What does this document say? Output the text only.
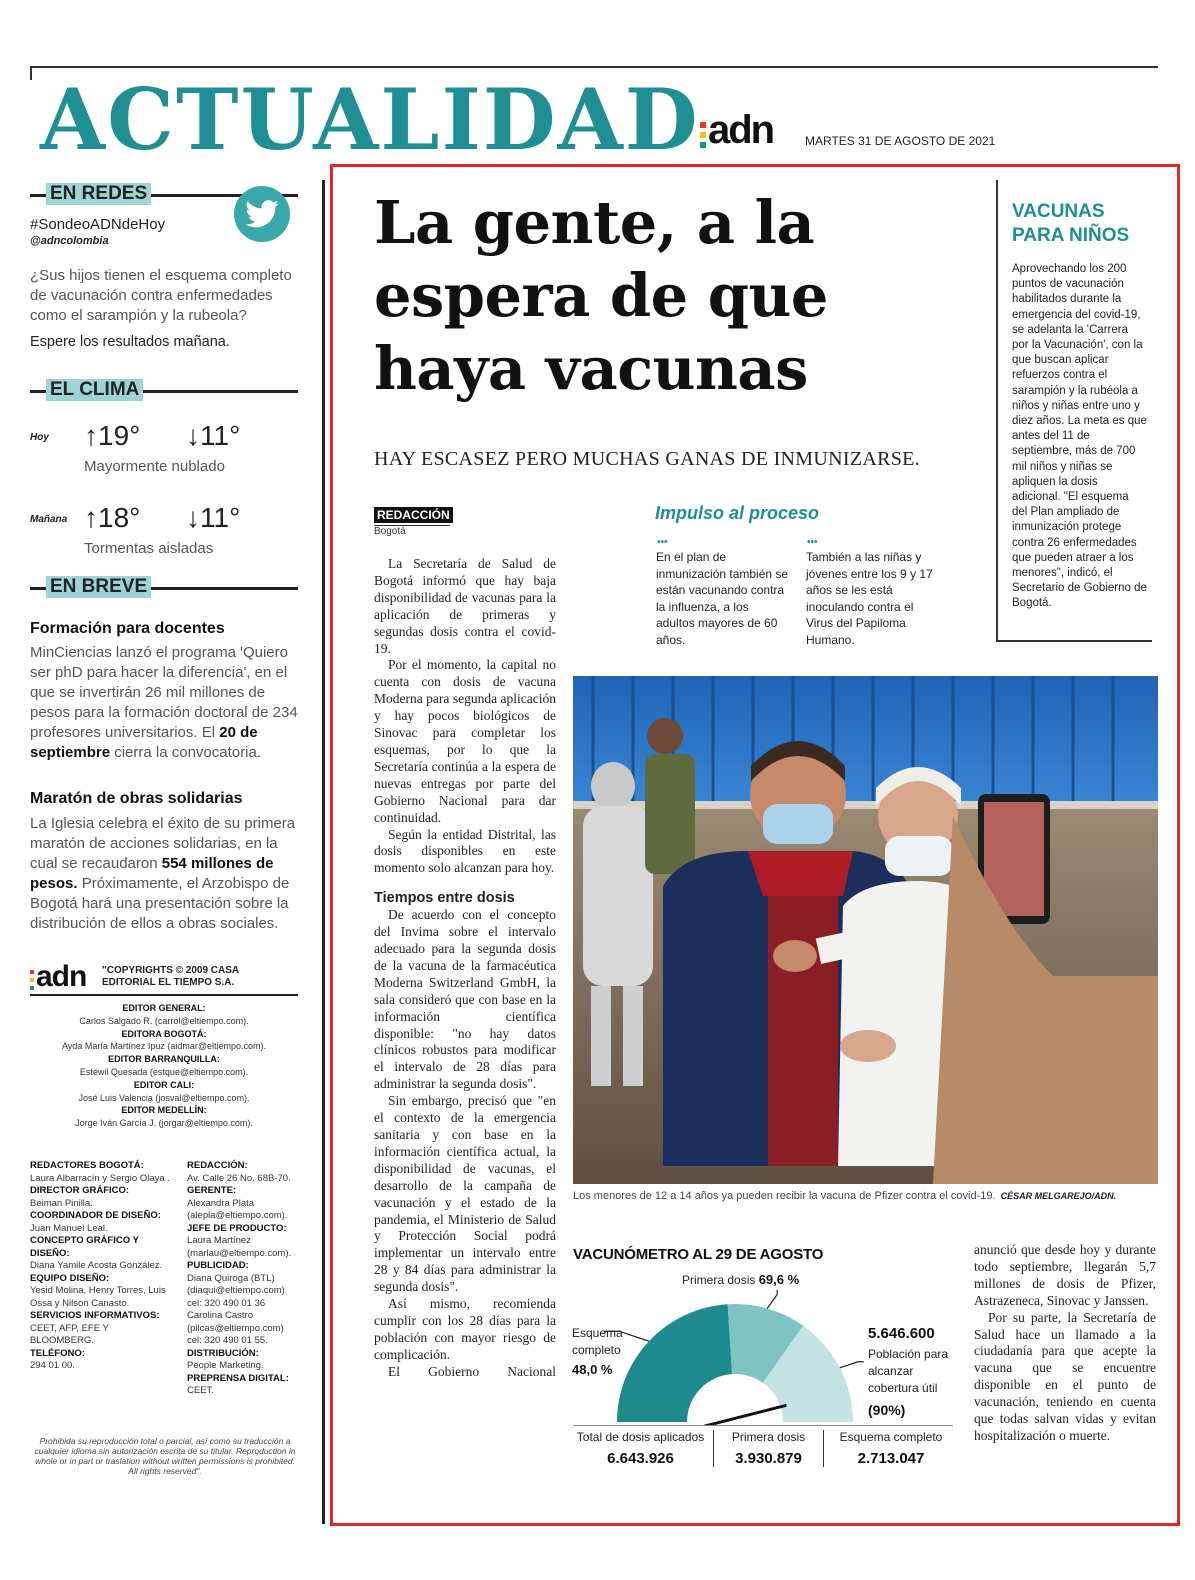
ACTUALIDAD adn	MARTES 31 DE AGOSTO DE 2021
EN REDES
#SondeoADNdeHoy
@adncolombia
¿Sus hijos tienen el esquema completo de vacunación contra enfermedades como el sarampión y la rubeola?
Espere los resultados mañana.
EL CLIMA
Hoy ↑19° ↓11°
Mayormente nublado
Mañana ↑18° ↓11°
Tormentas aisladas
EN BREVE
Formación para docentes
MinCiencias lanzó el programa 'Quiero ser phD para hacer la diferencia', en el que se invertirán 26 mil millones de pesos para la formación doctoral de 234 profesores universitarios. El 20 de septiembre cierra la convocatoria.
Maratón de obras solidarias
La Iglesia celebra el éxito de su primera maratón de acciones solidarias, en la cual se recaudaron 554 millones de pesos. Próximamente, el Arzobispo de Bogotá hará una presentación sobre la distribución de ellos a obras sociales.
adn "COPYRIGHTS © 2009 CASA EDITORIAL EL TIEMPO S.A.
EDITOR GENERAL:
Carlos Salgado R. (carrol@eltiempo.com).
EDITORA BOGOTÁ:
Ayda María Martínez Ipuz (aidmar@eltiempo.com).
EDITOR BARRANQUILLA:
Estéwil Quesada (estque@eltiempo.com).
EDITOR CALI:
José Luis Valencia (josval@eltiempo.com).
EDITOR MEDELLÍN:
Jorge Iván García J. (jorgar@eltiempo.com).
REDACTORES BOGOTÁ:
Laura Albarracín y Sergio Olaya .
DIRECTOR GRÁFICO:
Beiman Pinilla.
COORDINADOR DE DISEÑO:
Juan Manuel Leal.
CONCEPTO GRÁFICO Y DISEÑO:
Diana Yamile Acosta González.
EQUIPO DISEÑO:
Yesid Molina, Henry Torres, Luis Ossa y Nilson Canasto.
SERVICIOS INFORMATIVOS:
CEET, AFP, EFE Y BLOOMBERG.
TELÉFONO:
294 01 00.
REDACCIÓN:
Av. Calle 26 No. 68B-70.
GERENTE:
Alexandra Plata (alepla@eltiempo.com).
JEFE DE PRODUCTO:
Laura Martínez (marlau@eltiempo.com).
PUBLICIDAD:
Diana Quiroga (BTL) (diaqui@eltiempo.com) cel: 320 490 01 36 Carolina Castro (pilcas@eltiempo.com) cel: 320 490 01 55.
DISTRIBUCIÓN:
People Marketing.
PREPRENSA DIGITAL:
CEET.
Prohibida su reproducción total o parcial, así como su traducción a cualquier idioma sin autorización escrita de su titular. Reproduction in whole or in part or traslation without written permissions is prohibited. All rights reserved".
La gente, a la espera de que haya vacunas
HAY ESCASEZ PERO MUCHAS GANAS DE INMUNIZARSE.
REDACCIÓN
Bogotá

La Secretaría de Salud de Bogotá informó que hay baja disponibilidad de vacunas para la aplicación de primeras y segundas dosis contra el covid-19.

Por el momento, la capital no cuenta con dosis de vacuna Moderna para segunda aplicación y hay pocos biológicos de Sinovac para completar los esquemas, por lo que la Secretaría continúa a la espera de nuevas entregas por parte del Gobierno Nacional para dar continuidad.

Según la entidad Distrital, las dosis disponibles en este momento solo alcanzan para hoy.

Tiempos entre dosis

De acuerdo con el concepto del Invima sobre el intervalo adecuado para la segunda dosis de la vacuna de la farmacéutica Moderna Switzerland GmbH, la sala consideró que con base en la información científica disponible: "no hay datos clínicos robustos para modificar el intervalo de 28 días para administrar la segunda dosis".

Sin embargo, precisó que "en el contexto de la emergencia sanitaria y con base en la información científica actual, la disponibilidad de vacunas, el desarrollo de la campaña de vacunación y el estado de la pandemia, el Ministerio de Salud y Protección Social podrá implementar un intervalo entre 28 y 84 días para administrar la segunda dosis".

Así mismo, recomienda cumplir con los 28 días para la población con mayor riesgo de complicación.

El Gobierno Nacional

Impulso al proceso
•••	•••
En el plan de inmunización también se están vacunando contra la influenza, a los adultos mayores de 60 años.
También a las niñas y jóvenes entre los 9 y 17 años se les está inoculando contra el Virus del Papiloma Humano.
VACUNAS PARA NIÑOS
Aprovechando los 200 puntos de vacunación habilitados durante la emergencia del covid-19, se adelanta la 'Carrera por la Vacunación', con la que buscan aplicar refuerzos contra el sarampión y la rubéola a niños y niñas entre uno y diez años. La meta es que antes del 11 de septiembre, más de 700 mil niños y niñas se apliquen la dosis adicional. "El esquema del Plan ampliado de inmunización protege contra 26 enfermedades que pueden atraer a los menores", indicó, el Secretario de Gobierno de Bogotá.
Los menores de 12 a 14 años ya pueden recibir la vacuna de Pfizer contra el covid-19. CÉSAR MELGAREJO/ADN.
VACUNÓMETRO AL 29 DE AGOSTO
Primera dosis 69,6 %
Esquema completo
48,0 %
5.646.600
Población para alcanzar cobertura útil
(90%)
Total de dosis aplicados
6.643.926
Primera dosis
3.930.879
Esquema completo
2.713.047

anunció que desde hoy y durante todo septiembre, llegarán 5,7 millones de dosis de Pfizer, Astrazeneca, Sinovac y Janssen.

Por su parte, la Secretaría de Salud hace un llamado a la ciudadanía para que acepte la vacuna que se encuentre disponible en el punto de vacunación, teniendo en cuenta que todas salvan vidas y evitan hospitalización o muerte.
